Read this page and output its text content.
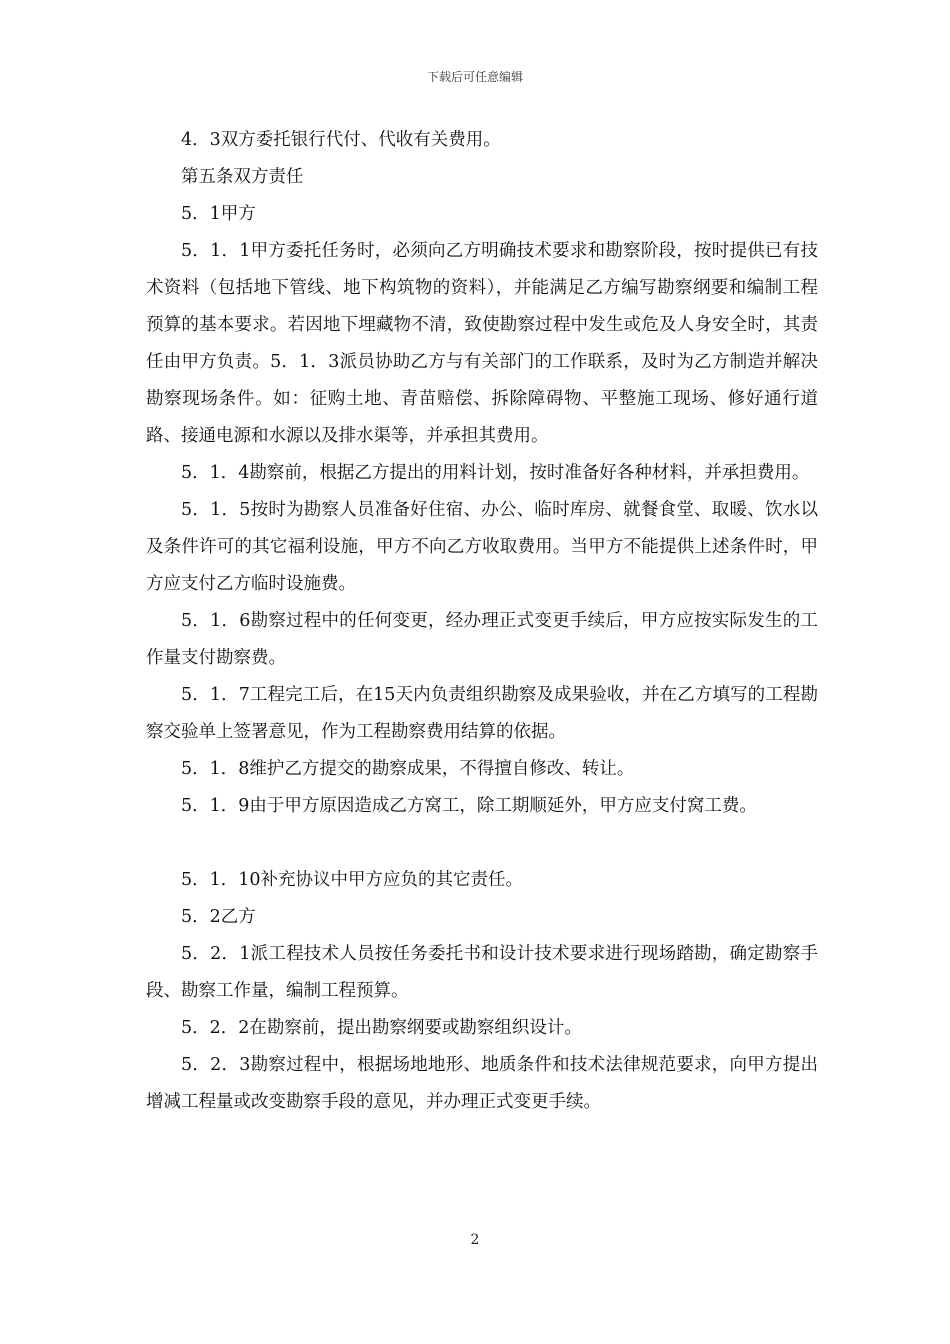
下载后可任意编辑

4．3双方委托银行代付、代收有关费用。

第五条双方责任

5．1甲方

5．1．1甲方委托任务时，必须向乙方明确技术要求和勘察阶段，按时提供已有技术资料（包括地下管线、地下构筑物的资料），并能满足乙方编写勘察纲要和编制工程预算的基本要求。若因地下埋藏物不清，致使勘察过程中发生或危及人身安全时，其责任由甲方负责。5．1．3派员协助乙方与有关部门的工作联系，及时为乙方制造并解决勘察现场条件。如：征购土地、青苗赔偿、拆除障碍物、平整施工现场、修好通行道路、接通电源和水源以及排水渠等，并承担其费用。

5．1．4勘察前，根据乙方提出的用料计划，按时准备好各种材料，并承担费用。

5．1．5按时为勘察人员准备好住宿、办公、临时库房、就餐食堂、取暖、饮水以及条件许可的其它福利设施，甲方不向乙方收取费用。当甲方不能提供上述条件时，甲方应支付乙方临时设施费。

5．1．6勘察过程中的任何变更，经办理正式变更手续后，甲方应按实际发生的工作量支付勘察费。

5．1．7工程完工后，在15天内负责组织勘察及成果验收，并在乙方填写的工程勘察交验单上签署意见，作为工程勘察费用结算的依据。

5．1．8维护乙方提交的勘察成果，不得擅自修改、转让。

5．1．9由于甲方原因造成乙方窝工，除工期顺延外，甲方应支付窝工费。

5．1．10补充协议中甲方应负的其它责任。

5．2乙方

5．2．1派工程技术人员按任务委托书和设计技术要求进行现场踏勘，确定勘察手段、勘察工作量，编制工程预算。

5．2．2在勘察前，提出勘察纲要或勘察组织设计。

5．2．3勘察过程中，根据场地地形、地质条件和技术法律规范要求，向甲方提出增减工程量或改变勘察手段的意见，并办理正式变更手续。

2
